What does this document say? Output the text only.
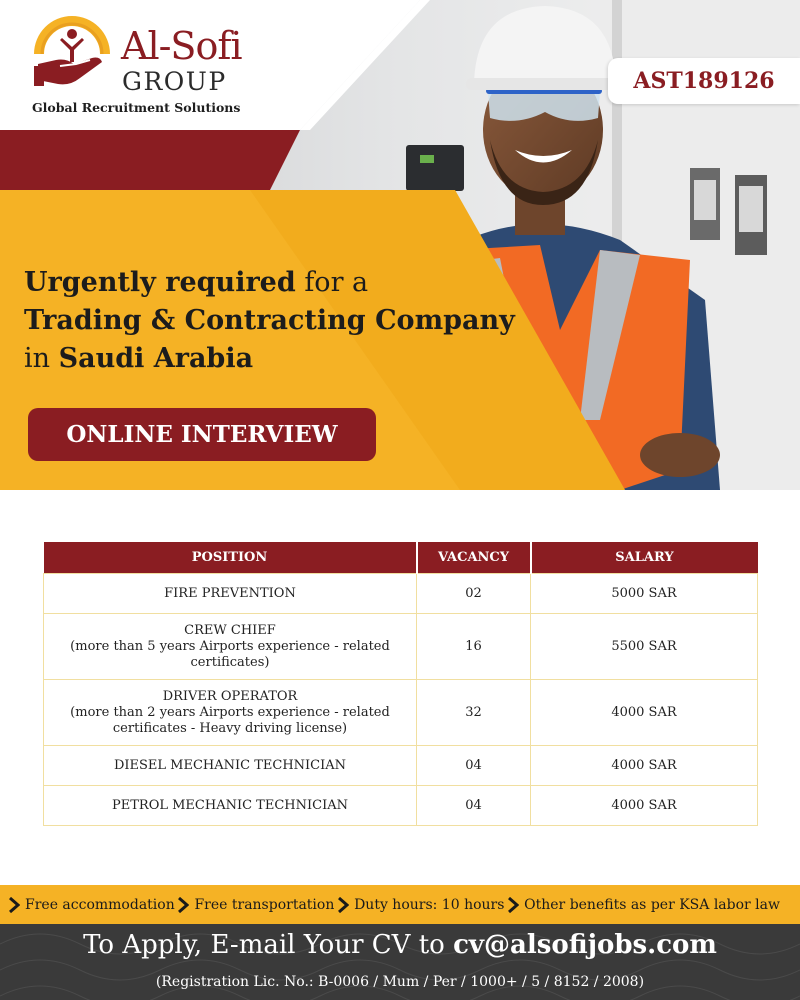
Al-Sofi
GROUP
Global Recruitment Solutions
AST189126
Urgently required for a
Trading & Contracting Company
in Saudi Arabia
ONLINE INTERVIEW
POSITION	VACANCY	SALARY

FIRE PREVENTION	02	5000 SAR

CREW CHIEF
(more than 5 years Airports experience - related certificates)	16	5500 SAR

DRIVER OPERATOR
(more than 2 years Airports experience - related certificates - Heavy driving license)	32	4000 SAR

DIESEL MECHANIC TECHNICIAN	04	4000 SAR

PETROL MECHANIC TECHNICIAN	04	4000 SAR
Free accommodation Free transportation Duty hours: 10 hours Other benefits as per KSA labor law
To Apply, E-mail Your CV to cv@alsofijobs.com
(Registration Lic. No.: B-0006 / Mum / Per / 1000+ / 5 / 8152 / 2008)
